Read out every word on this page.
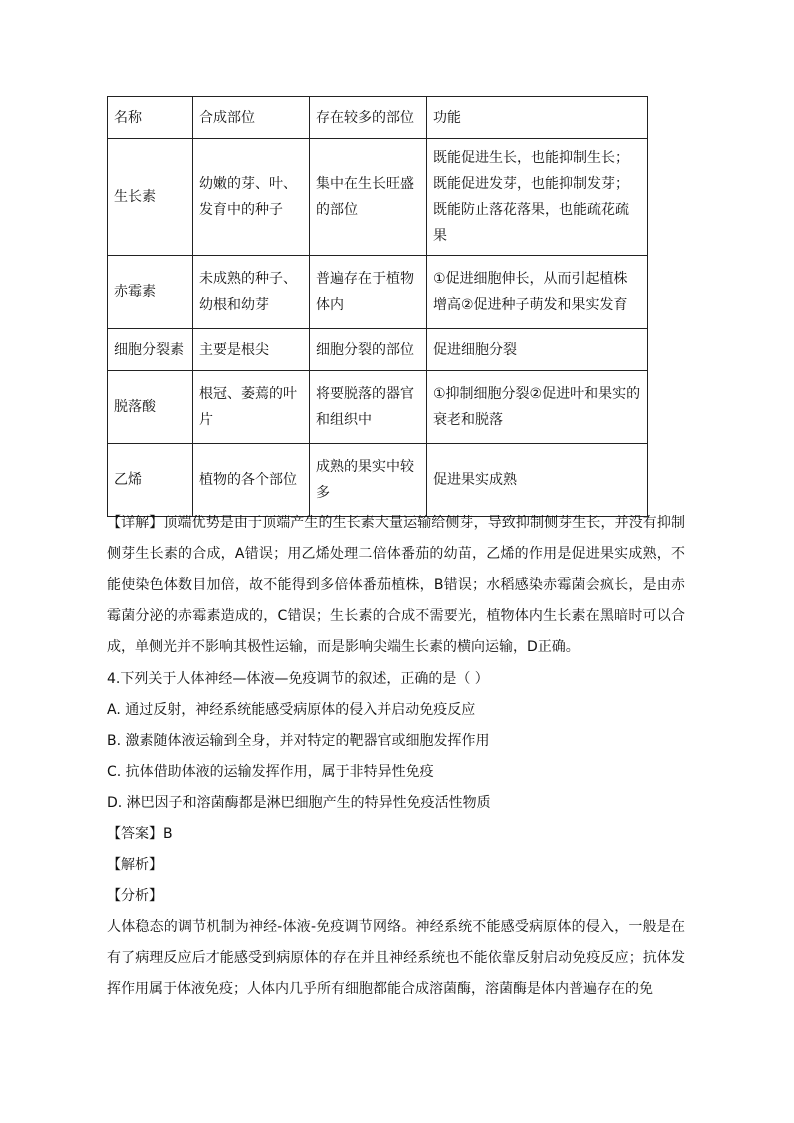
名称	合成部位	存在较多的部位	功能
生长素	幼嫩的芽、叶、发育中的种子	集中在生长旺盛的部位	既能促进生长，也能抑制生长；既能促进发芽，也能抑制发芽；既能防止落花落果，也能疏花疏果
赤霉素	未成熟的种子、幼根和幼芽	普遍存在于植物体内	①促进细胞伸长，从而引起植株增高②促进种子萌发和果实发育
细胞分裂素	主要是根尖	细胞分裂的部位	促进细胞分裂
脱落酸	根冠、萎蔫的叶片	将要脱落的器官和组织中	①抑制细胞分裂②促进叶和果实的衰老和脱落
乙烯	植物的各个部位	成熟的果实中较多	促进果实成熟
【详解】顶端优势是由于顶端产生的生长素大量运输给侧芽，导致抑制侧芽生长，并没有抑制侧芽生长素的合成，A错误；用乙烯处理二倍体番茄的幼苗，乙烯的作用是促进果实成熟，不能使染色体数目加倍，故不能得到多倍体番茄植株，B错误；水稻感染赤霉菌会疯长，是由赤霉菌分泌的赤霉素造成的，C错误；生长素的合成不需要光，植物体内生长素在黑暗时可以合成，单侧光并不影响其极性运输，而是影响尖端生长素的横向运输，D正确。
4.下列关于人体神经—体液—免疫调节的叙述，正确的是（ ）
A. 通过反射，神经系统能感受病原体的侵入并启动免疫反应
B. 激素随体液运输到全身，并对特定的靶器官或细胞发挥作用
C. 抗体借助体液的运输发挥作用，属于非特异性免疫
D. 淋巴因子和溶菌酶都是淋巴细胞产生的特异性免疫活性物质
【答案】B
【解析】
【分析】
人体稳态的调节机制为神经-体液-免疫调节网络。神经系统不能感受病原体的侵入，一般是在有了病理反应后才能感受到病原体的存在并且神经系统也不能依靠反射启动免疫反应；抗体发挥作用属于体液免疫；人体内几乎所有细胞都能合成溶菌酶，溶菌酶是体内普遍存在的免
